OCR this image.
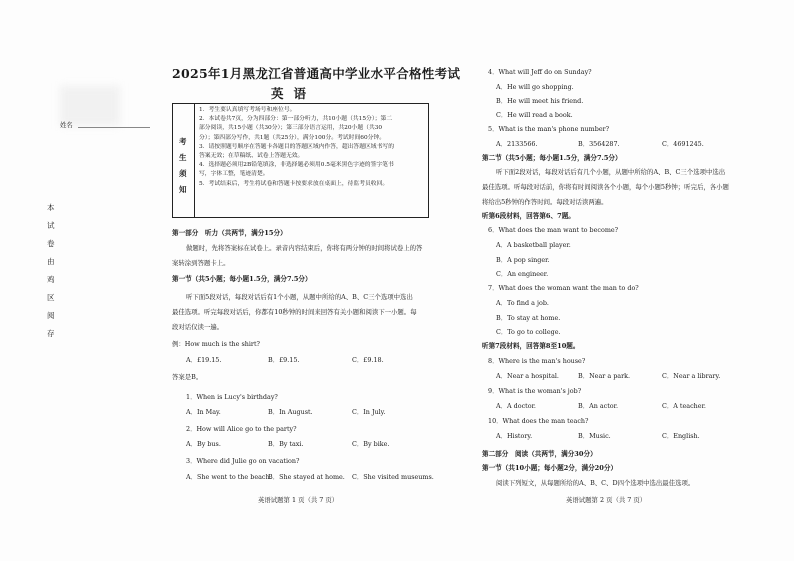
姓名
本
试
卷
由
鸡
区
阅
存
2025年1月黑龙江省普通高中学业水平合格性考试
英语
考
生
须
知
1．考生要认真填写考场号和座位号。
2．本试卷共7页，分为四部分：第一部分听力，共10小题（共15分）；第二
部分阅读，共15小题（共30分）；第三部分语言运用，共20小题（共30
分）；第四部分写作，共1题（共25分），满分100分。考试时间60分钟。
3．请按照题号顺序在答题卡各题目的答题区域内作答，超出答题区域书写的
答案无效；在草稿纸、试卷上答题无效。
4．选择题必须用2B铅笔填涂，非选择题必须用0.5毫米黑色字迹的签字笔书
写，字体工整，笔迹清楚。
5．考试结束后，考生将试卷和答题卡按要求放在桌面上，待监考员收回。
第一部分　听力（共两节，满分15分）
做题时，先将答案标在试卷上。录音内容结束后，你将有两分钟的时间将试卷上的答
案转涂到答题卡上。
第一节（共5小题；每小题1.5分，满分7.5分）
听下面5段对话，每段对话后有1个小题，从题中所给的A、B、C三个选项中选出
最佳选项。听完每段对话后，你都有10秒钟的时间来回答有关小题和阅读下一小题。每
段对话仅读一遍。
例：How much is the shirt?
A．£19.15.	B．£9.15.	C．£9.18.
答案是B。
1．When is Lucy's birthday?
A．In May.	B．In August.	C．In July.
2．How will Alice go to the party?
A．By bus.	B．By taxi.	C．By bike.
3．Where did Julie go on vacation?
A．She went to the beach.
B．She stayed at home. C．She visited museums.
英语试题第 1 页（共 7 页）
4．What will Jeff do on Sunday?
A．He will go shopping.
B．He will meet his friend.
C．He will read a book.
5．What is the man's phone number?
A．2133566.	B．3564287.	C．4691245.
第二节（共5小题；每小题1.5分，满分7.5分）
听下面2段对话，每段对话后有几个小题，从题中所给的A、B、C三个选项中选出
最佳选项。听每段对话前，你将有时间阅读各个小题，每个小题5秒钟；听完后，各小题
将给出5秒钟的作答时间。每段对话读两遍。
听第6段材料，回答第6、7题。
6．What does the man want to become?
A．A basketball player.
B．A pop singer.
C．An engineer.
7．What does the woman want the man to do?
A．To find a job.
B．To stay at home.
C．To go to college.
听第7段材料，回答第8至10题。
8．Where is the man's house?
A．Near a hospital.	B．Near a park.	C．Near a library.
9．What is the woman's job?
A．A doctor.	B．An actor.	C．A teacher.
10．What does the man teach?
A．History.	B．Music.	C．English.
第二部分　阅读（共两节，满分30分）
第一节（共10小题；每小题2分，满分20分）
阅读下列短文，从每题所给的A、B、C、D四个选项中选出最佳选项。
英语试题第 2 页（共 7 页）
